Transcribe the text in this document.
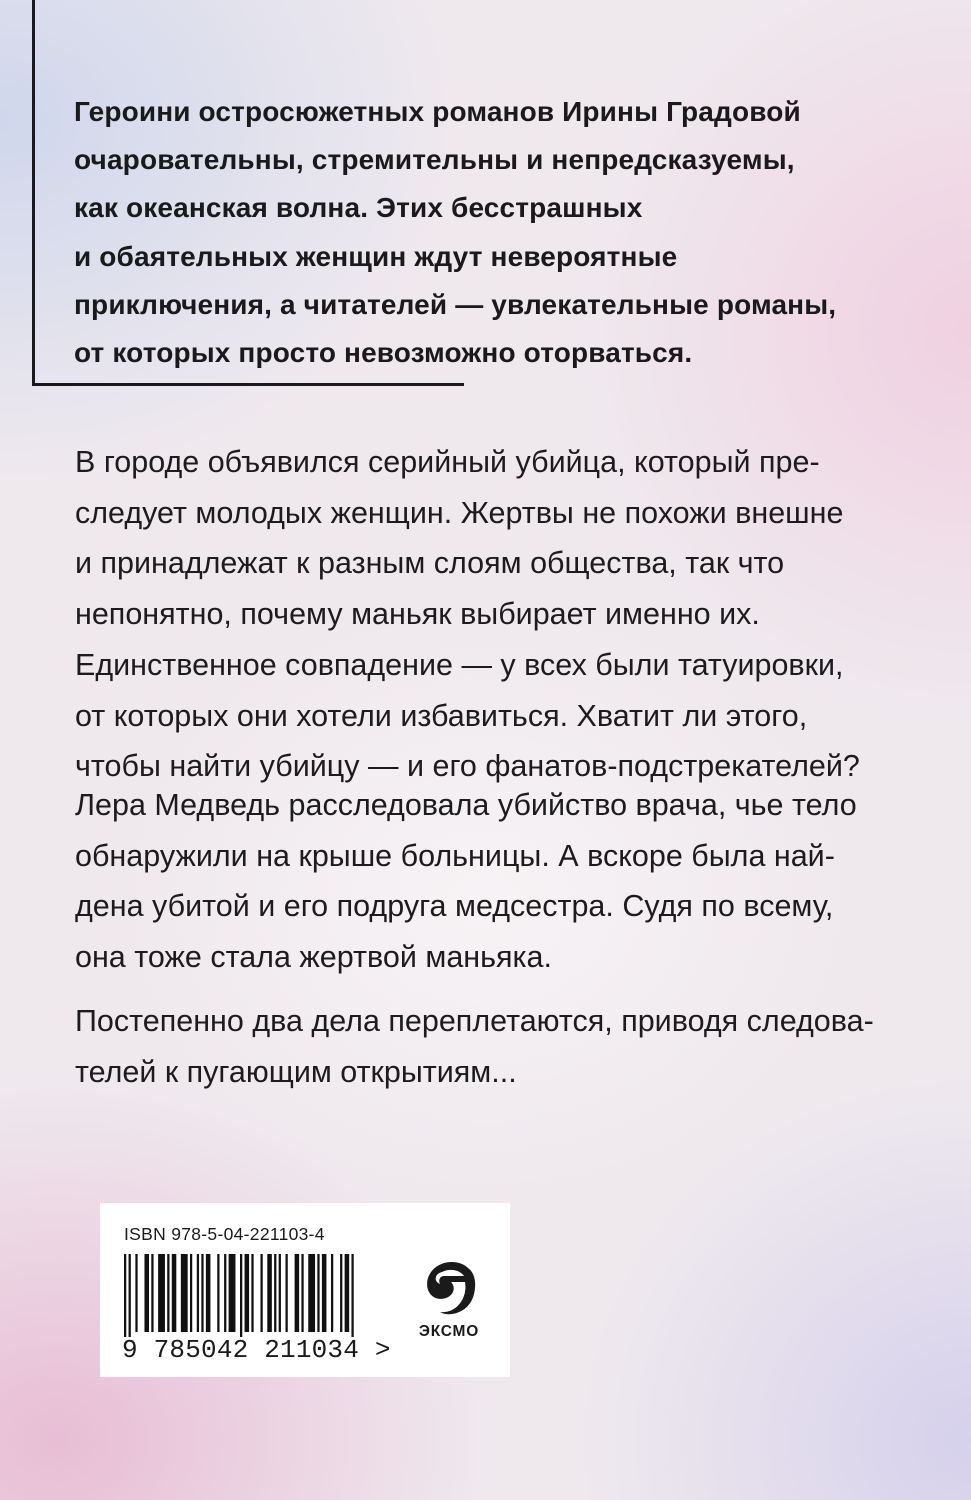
Героини остросюжетных романов Ирины Градовой
очаровательны, стремительны и непредсказуемы,
как океанская волна. Этих бесстрашных
и обаятельных женщин ждут невероятные
приключения, а читателей — увлекательные романы,
от которых просто невозможно оторваться.
В городе объявился серийный убийца, который пре-
следует молодых женщин. Жертвы не похожи внешне
и принадлежат к разным слоям общества, так что
непонятно, почему маньяк выбирает именно их.
Единственное совпадение — у всех были татуировки,
от которых они хотели избавиться. Хватит ли этого,
чтобы найти убийцу — и его фанатов-подстрекателей?
Лера Медведь расследовала убийство врача, чье тело
обнаружили на крыше больницы. А вскоре была най-
дена убитой и его подруга медсестра. Судя по всему,
она тоже стала жертвой маньяка.
Постепенно два дела переплетаются, приводя следова-
телей к пугающим открытиям...
ISBN 978-5-04-221103-4
9 785042 211034 >
ЭКСМО
